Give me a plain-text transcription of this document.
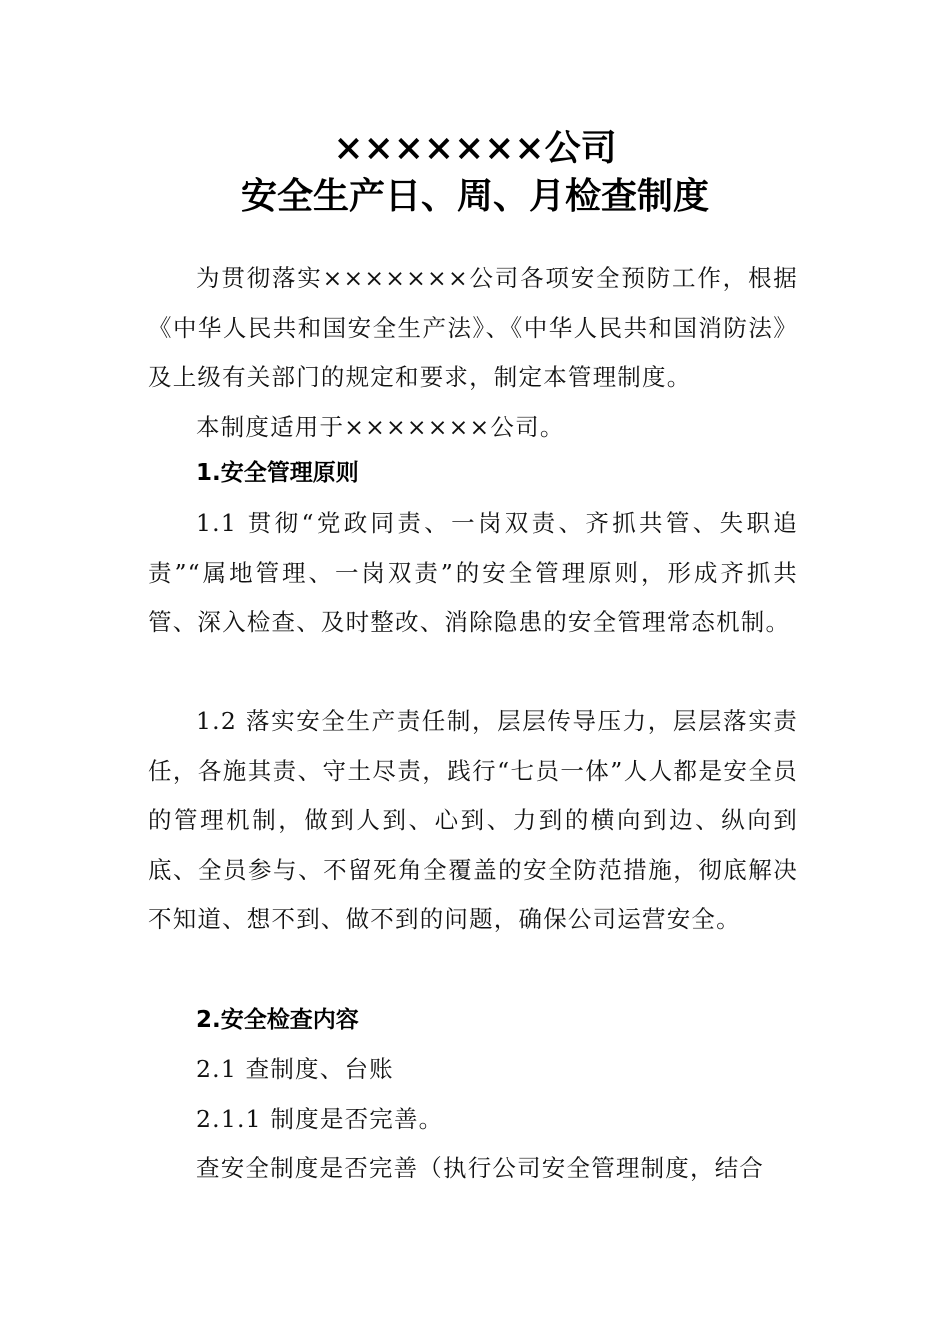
×××××××公司
安全生产日、周、月检查制度

为贯彻落实×××××××公司各项安全预防工作，根据《中华人民共和国安全生产法》、《中华人民共和国消防法》及上级有关部门的规定和要求，制定本管理制度。

本制度适用于×××××××公司。

1.安全管理原则

1.1 贯彻“党政同责、一岗双责、齐抓共管、失职追责”“属地管理、一岗双责”的安全管理原则，形成齐抓共管、深入检查、及时整改、消除隐患的安全管理常态机制。

1.2 落实安全生产责任制，层层传导压力，层层落实责任，各施其责、守土尽责，践行“七员一体”人人都是安全员的管理机制，做到人到、心到、力到的横向到边、纵向到底、全员参与、不留死角全覆盖的安全防范措施，彻底解决不知道、想不到、做不到的问题，确保公司运营安全。

2.安全检查内容

2.1 查制度、台账

2.1.1 制度是否完善。

查安全制度是否完善（执行公司安全管理制度，结合
